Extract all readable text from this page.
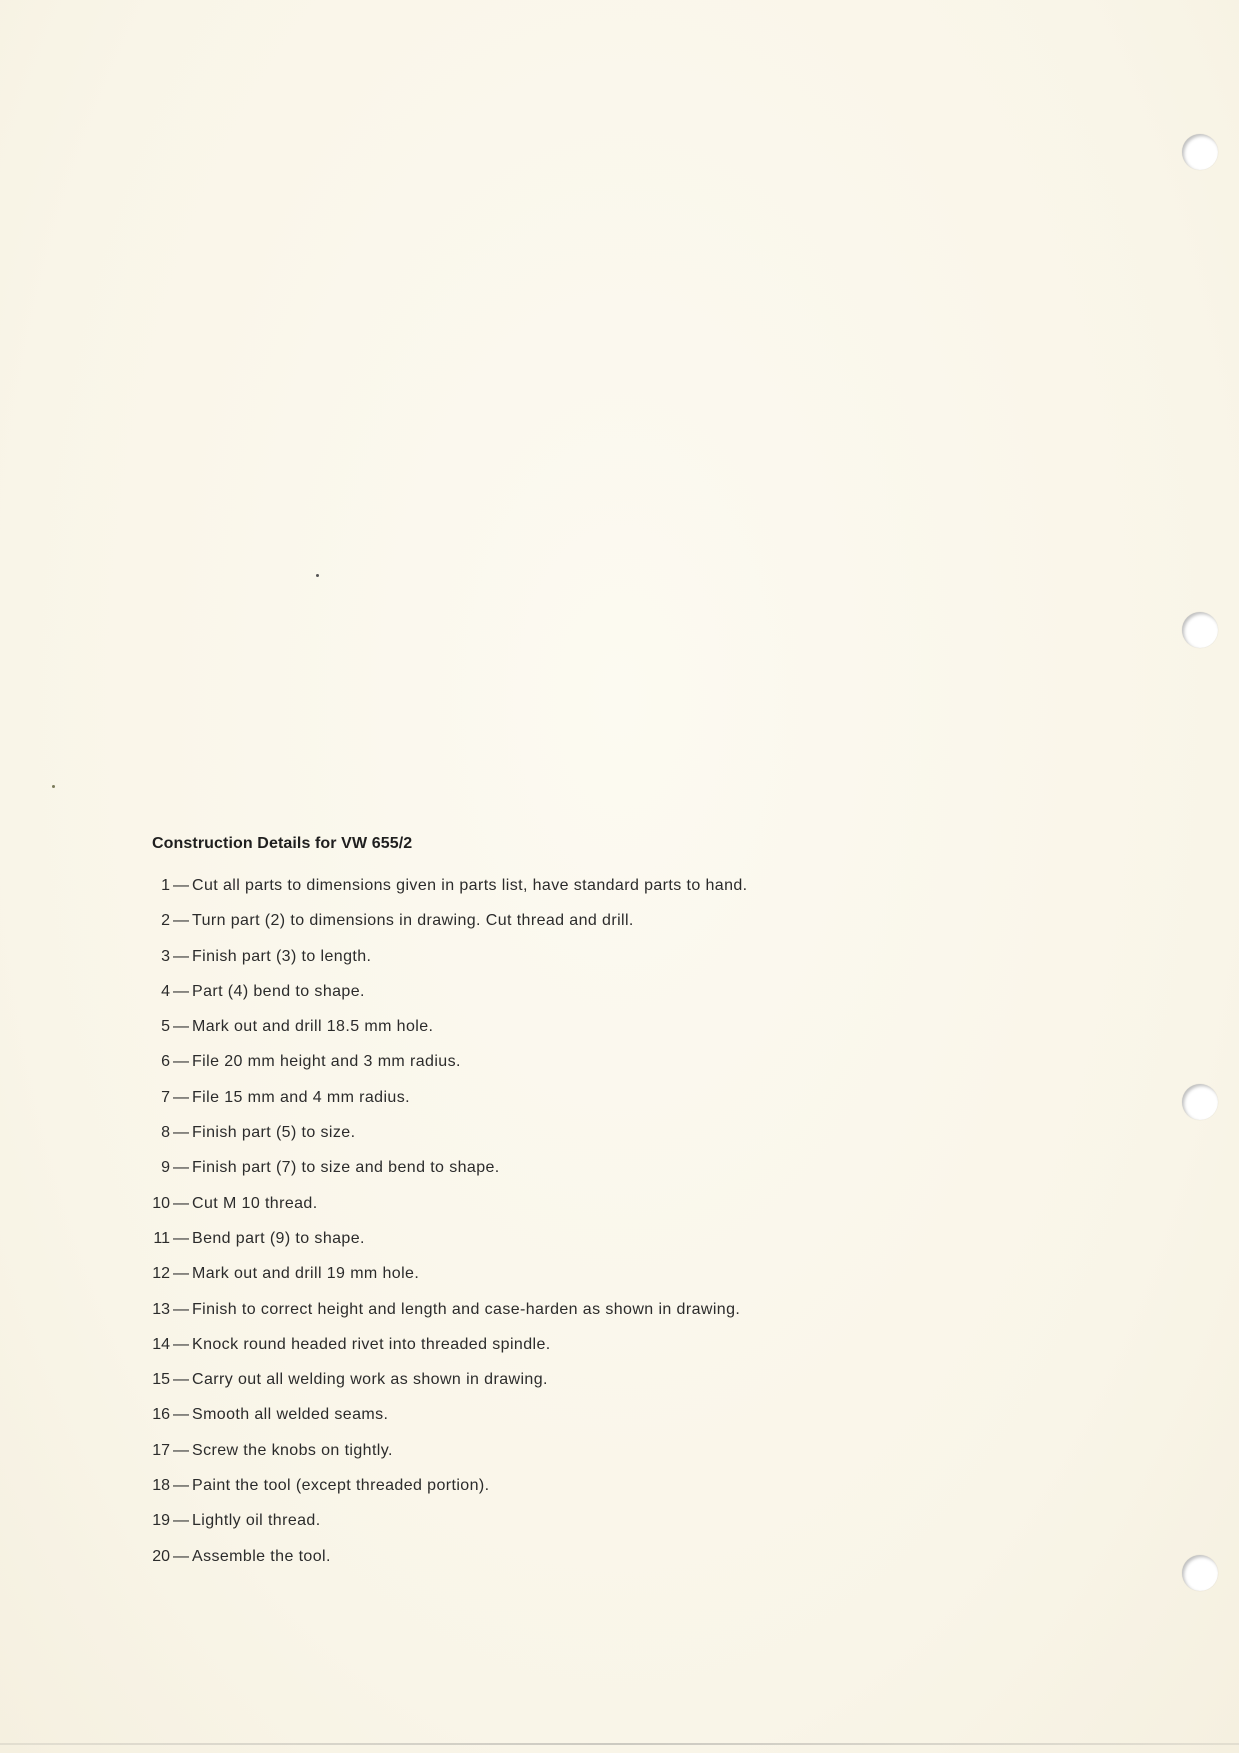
Construction Details for VW 655/2
1 — Cut all parts to dimensions given in parts list, have standard parts to hand.
2 — Turn part (2) to dimensions in drawing. Cut thread and drill.
3 — Finish part (3) to length.
4 — Part (4) bend to shape.
5 — Mark out and drill 18.5 mm hole.
6 — File 20 mm height and 3 mm radius.
7 — File 15 mm and 4 mm radius.
8 — Finish part (5) to size.
9 — Finish part (7) to size and bend to shape.
10 — Cut M 10 thread.
11 — Bend part (9) to shape.
12 — Mark out and drill 19 mm hole.
13 — Finish to correct height and length and case-harden as shown in drawing.
14 — Knock round headed rivet into threaded spindle.
15 — Carry out all welding work as shown in drawing.
16 — Smooth all welded seams.
17 — Screw the knobs on tightly.
18 — Paint the tool (except threaded portion).
19 — Lightly oil thread.
20 — Assemble the tool.
